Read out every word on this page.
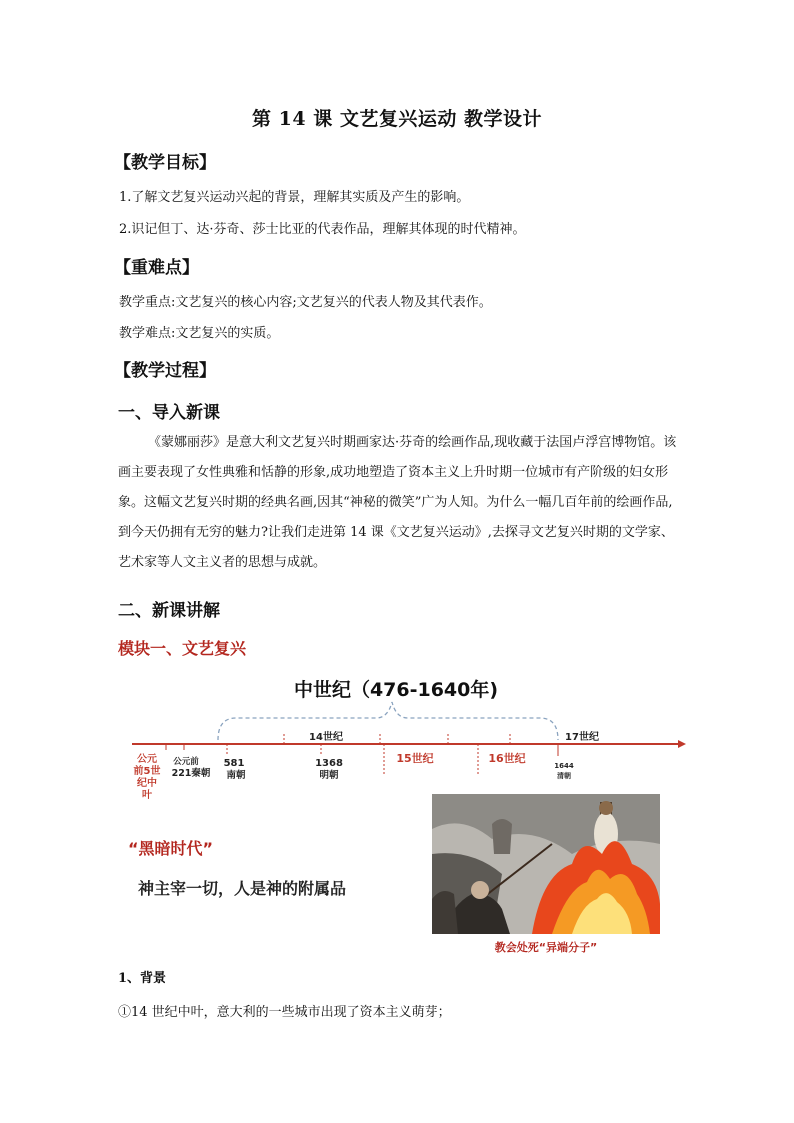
第 14 课 文艺复兴运动 教学设计
【教学目标】
1.了解文艺复兴运动兴起的背景，理解其实质及产生的影响。
2.识记但丁、达·芬奇、莎士比亚的代表作品，理解其体现的时代精神。
【重难点】
教学重点:文艺复兴的核心内容;文艺复兴的代表人物及其代表作。
教学难点:文艺复兴的实质。
【教学过程】
一、导入新课
《蒙娜丽莎》是意大利文艺复兴时期画家达·芬奇的绘画作品,现收藏于法国卢浮宫博物馆。该画主要表现了女性典雅和恬静的形象,成功地塑造了资本主义上升时期一位城市有产阶级的妇女形象。这幅文艺复兴时期的经典名画,因其“神秘的微笑”广为人知。为什么一幅几百年前的绘画作品,到今天仍拥有无穷的魅力?让我们走进第 14 课《文艺复兴运动》,去探寻文艺复兴时期的文学家、艺术家等人文主义者的思想与成就。
二、新课讲解
模块一、文艺复兴
中世纪（476-1640年)
公元
前5世
纪中
叶
公元前
221秦朝
581
南朝
1368
明朝
14世纪
15世纪	16世纪
17世纪
1644
清朝
“黑暗时代”
神主宰一切，人是神的附属品
教会处死“异端分子”
1、背景
①14 世纪中叶，意大利的一些城市出现了资本主义萌芽；
